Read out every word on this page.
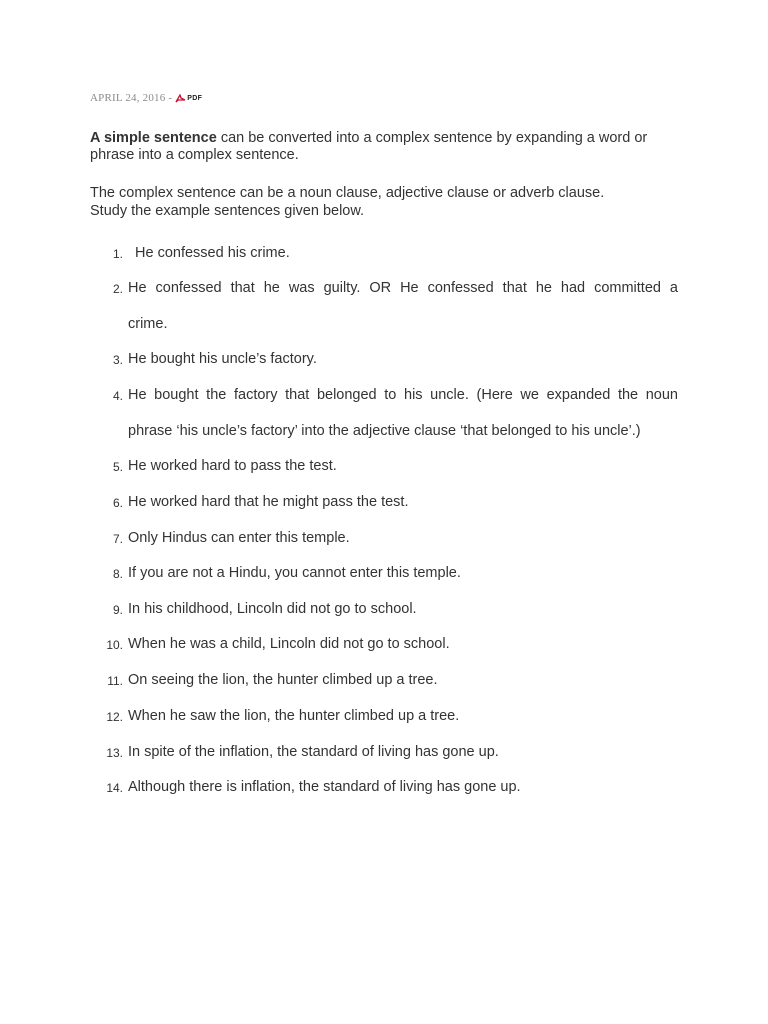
APRIL 24, 2016 - PDF
A simple sentence can be converted into a complex sentence by expanding a word or phrase into a complex sentence.
The complex sentence can be a noun clause, adjective clause or adverb clause.
Study the example sentences given below.
1. He confessed his crime.
2. He confessed that he was guilty. OR He confessed that he had committed a
crime.
3. He bought his uncle’s factory.
4. He bought the factory that belonged to his uncle. (Here we expanded the noun
phrase ‘his uncle’s factory’ into the adjective clause ‘that belonged to his uncle’.)
5. He worked hard to pass the test.
6. He worked hard that he might pass the test.
7. Only Hindus can enter this temple.
8. If you are not a Hindu, you cannot enter this temple.
9. In his childhood, Lincoln did not go to school.
10. When he was a child, Lincoln did not go to school.
11. On seeing the lion, the hunter climbed up a tree.
12. When he saw the lion, the hunter climbed up a tree.
13. In spite of the inflation, the standard of living has gone up.
14. Although there is inflation, the standard of living has gone up.
